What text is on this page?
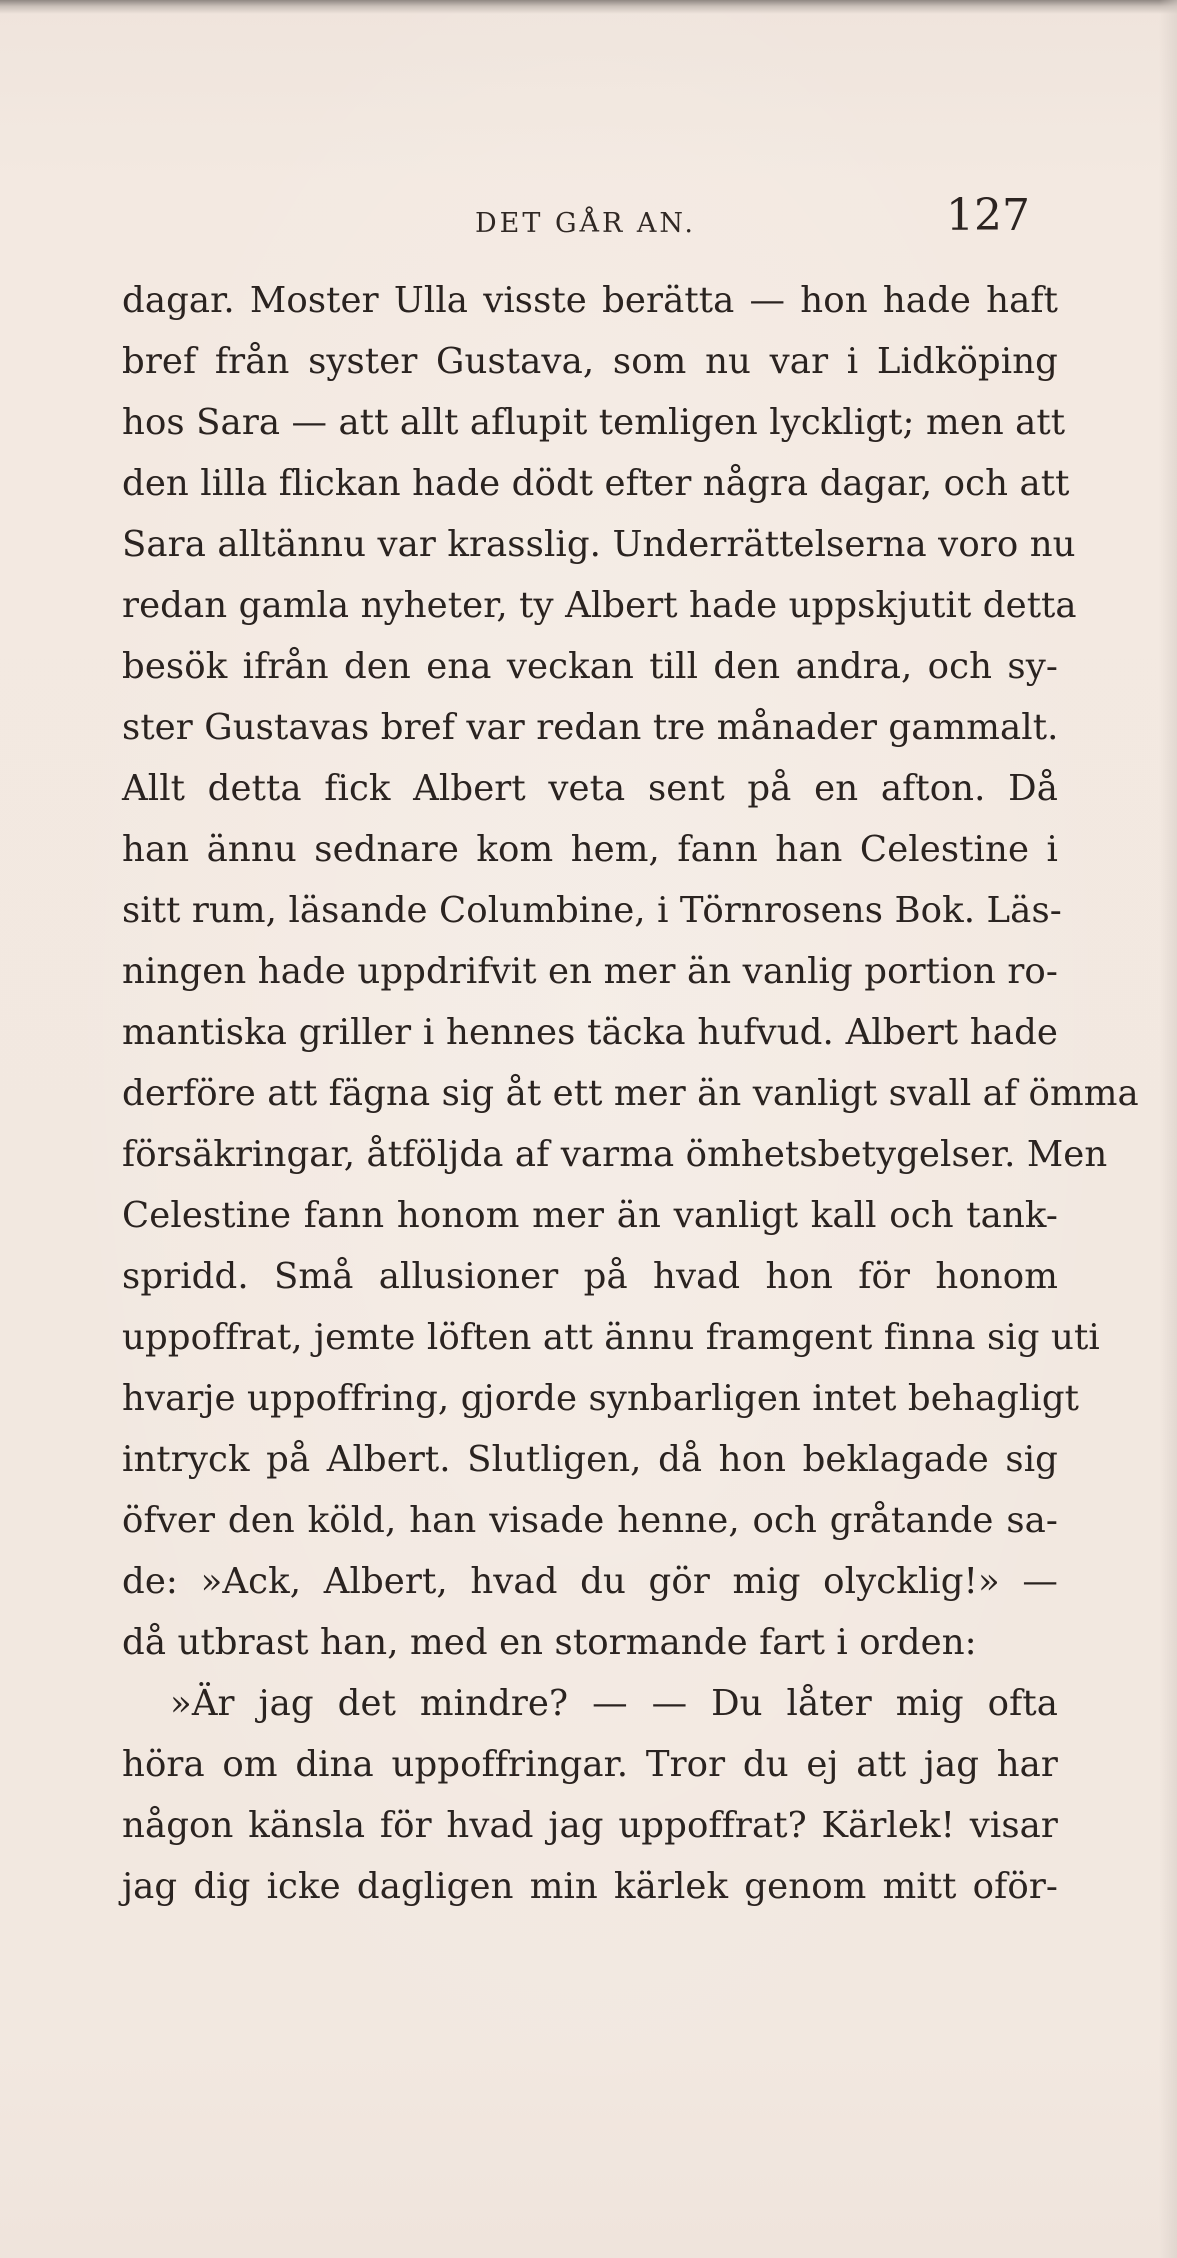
DET GÅR AN.	127
dagar. Moster Ulla visste berätta — hon hade haft
bref från syster Gustava, som nu var i Lidköping
hos Sara — att allt aflupit temligen lyckligt; men att
den lilla flickan hade dödt efter några dagar, och att
Sara alltännu var krasslig. Underrättelserna voro nu
redan gamla nyheter, ty Albert hade uppskjutit detta
besök ifrån den ena veckan till den andra, och sy-
ster Gustavas bref var redan tre månader gammalt.
Allt detta fick Albert veta sent på en afton. Då
han ännu sednare kom hem, fann han Celestine i
sitt rum, läsande Columbine, i Törnrosens Bok. Läs-
ningen hade uppdrifvit en mer än vanlig portion ro-
mantiska griller i hennes täcka hufvud. Albert hade
derföre att fägna sig åt ett mer än vanligt svall af ömma
försäkringar, åtföljda af varma ömhetsbetygelser. Men
Celestine fann honom mer än vanligt kall och tank-
spridd. Små allusioner på hvad hon för honom
uppoffrat, jemte löften att ännu framgent finna sig uti
hvarje uppoffring, gjorde synbarligen intet behagligt
intryck på Albert. Slutligen, då hon beklagade sig
öfver den köld, han visade henne, och gråtande sa-
de: »Ack, Albert, hvad du gör mig olycklig!» —
då utbrast han, med en stormande fart i orden:
»Är jag det mindre? — — Du låter mig ofta
höra om dina uppoffringar. Tror du ej att jag har
någon känsla för hvad jag uppoffrat? Kärlek! visar
jag dig icke dagligen min kärlek genom mitt oför-
